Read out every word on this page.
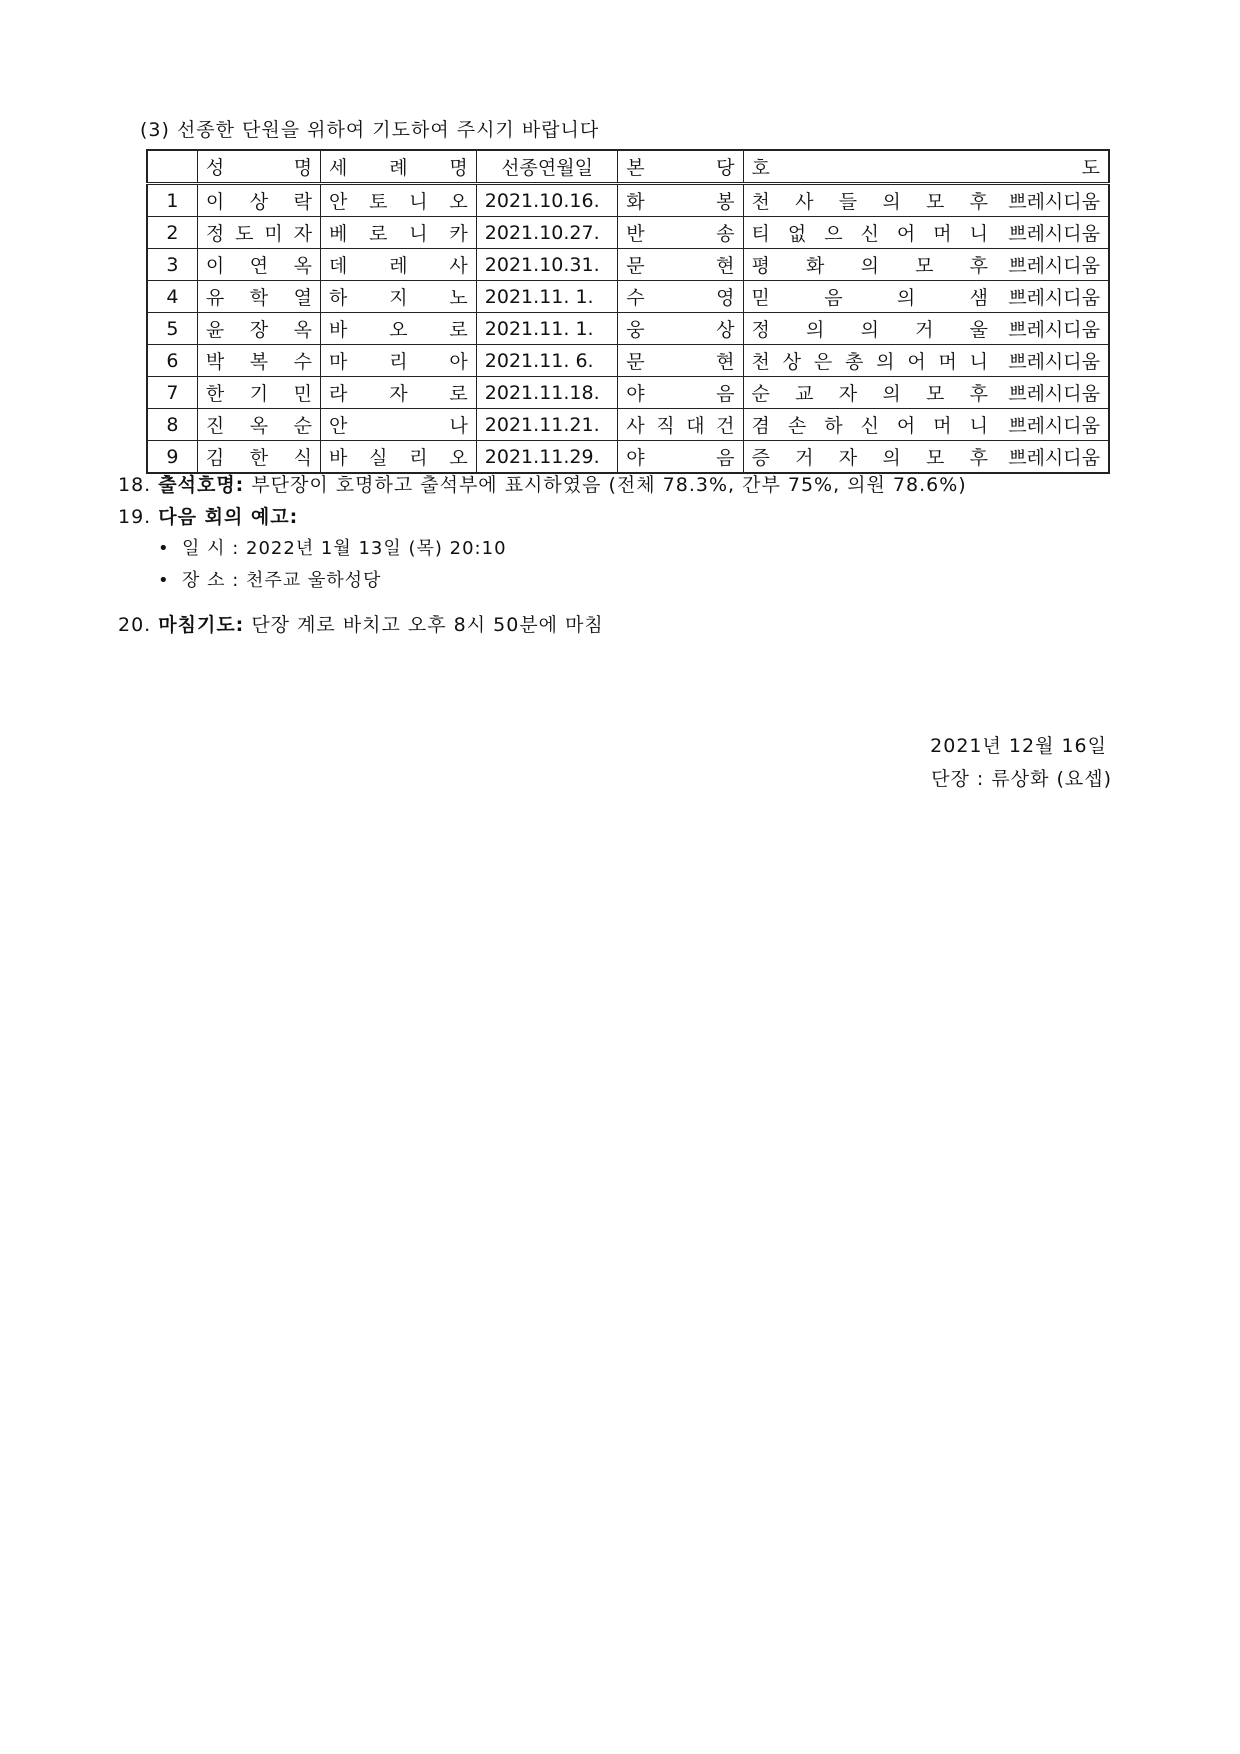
(3) 선종한 단원을 위하여 기도하여 주시기 바랍니다
	성 명	세 례 명	선종연월일	본 당	호 도	
1	이 상 락	안 토 니 오	2021.10.16.	화 봉	천 사 들 의 모 후	쁘레시디움
2	정 도 미 자	베 로 니 카	2021.10.27.	반 송	티 없 으 신 어 머 니	쁘레시디움
3	이 연 옥	데 레 사	2021.10.31.	문 현	평 화 의 모 후	쁘레시디움
4	유 학 열	하 지 노	2021.11. 1.	수 영	믿 음 의 샘	쁘레시디움
5	윤 장 옥	바 오 로	2021.11. 1.	웅 상	정 의 의 거 울	쁘레시디움
6	박 복 수	마 리 아	2021.11. 6.	문 현	천 상 은 총 의 어 머 니	쁘레시디움
7	한 기 민	라 자 로	2021.11.18.	야 음	순 교 자 의 모 후	쁘레시디움
8	진 옥 순	안 나	2021.11.21.	사 직 대 건	겸 손 하 신 어 머 니	쁘레시디움
9	김 한 식	바 실 리 오	2021.11.29.	야 음	증 거 자 의 모 후	쁘레시디움
18. 출석호명: 부단장이 호명하고 출석부에 표시하였음 (전체 78.3%, 간부 75%, 의원 78.6%)
19. 다음 회의 예고:
• 일 시 : 2022년 1월 13일 (목) 20:10
• 장 소 : 천주교 울하성당
20. 마침기도: 단장 계로 바치고 오후 8시 50분에 마침
2021년 12월 16일
단장 : 류상화 (요셉)
